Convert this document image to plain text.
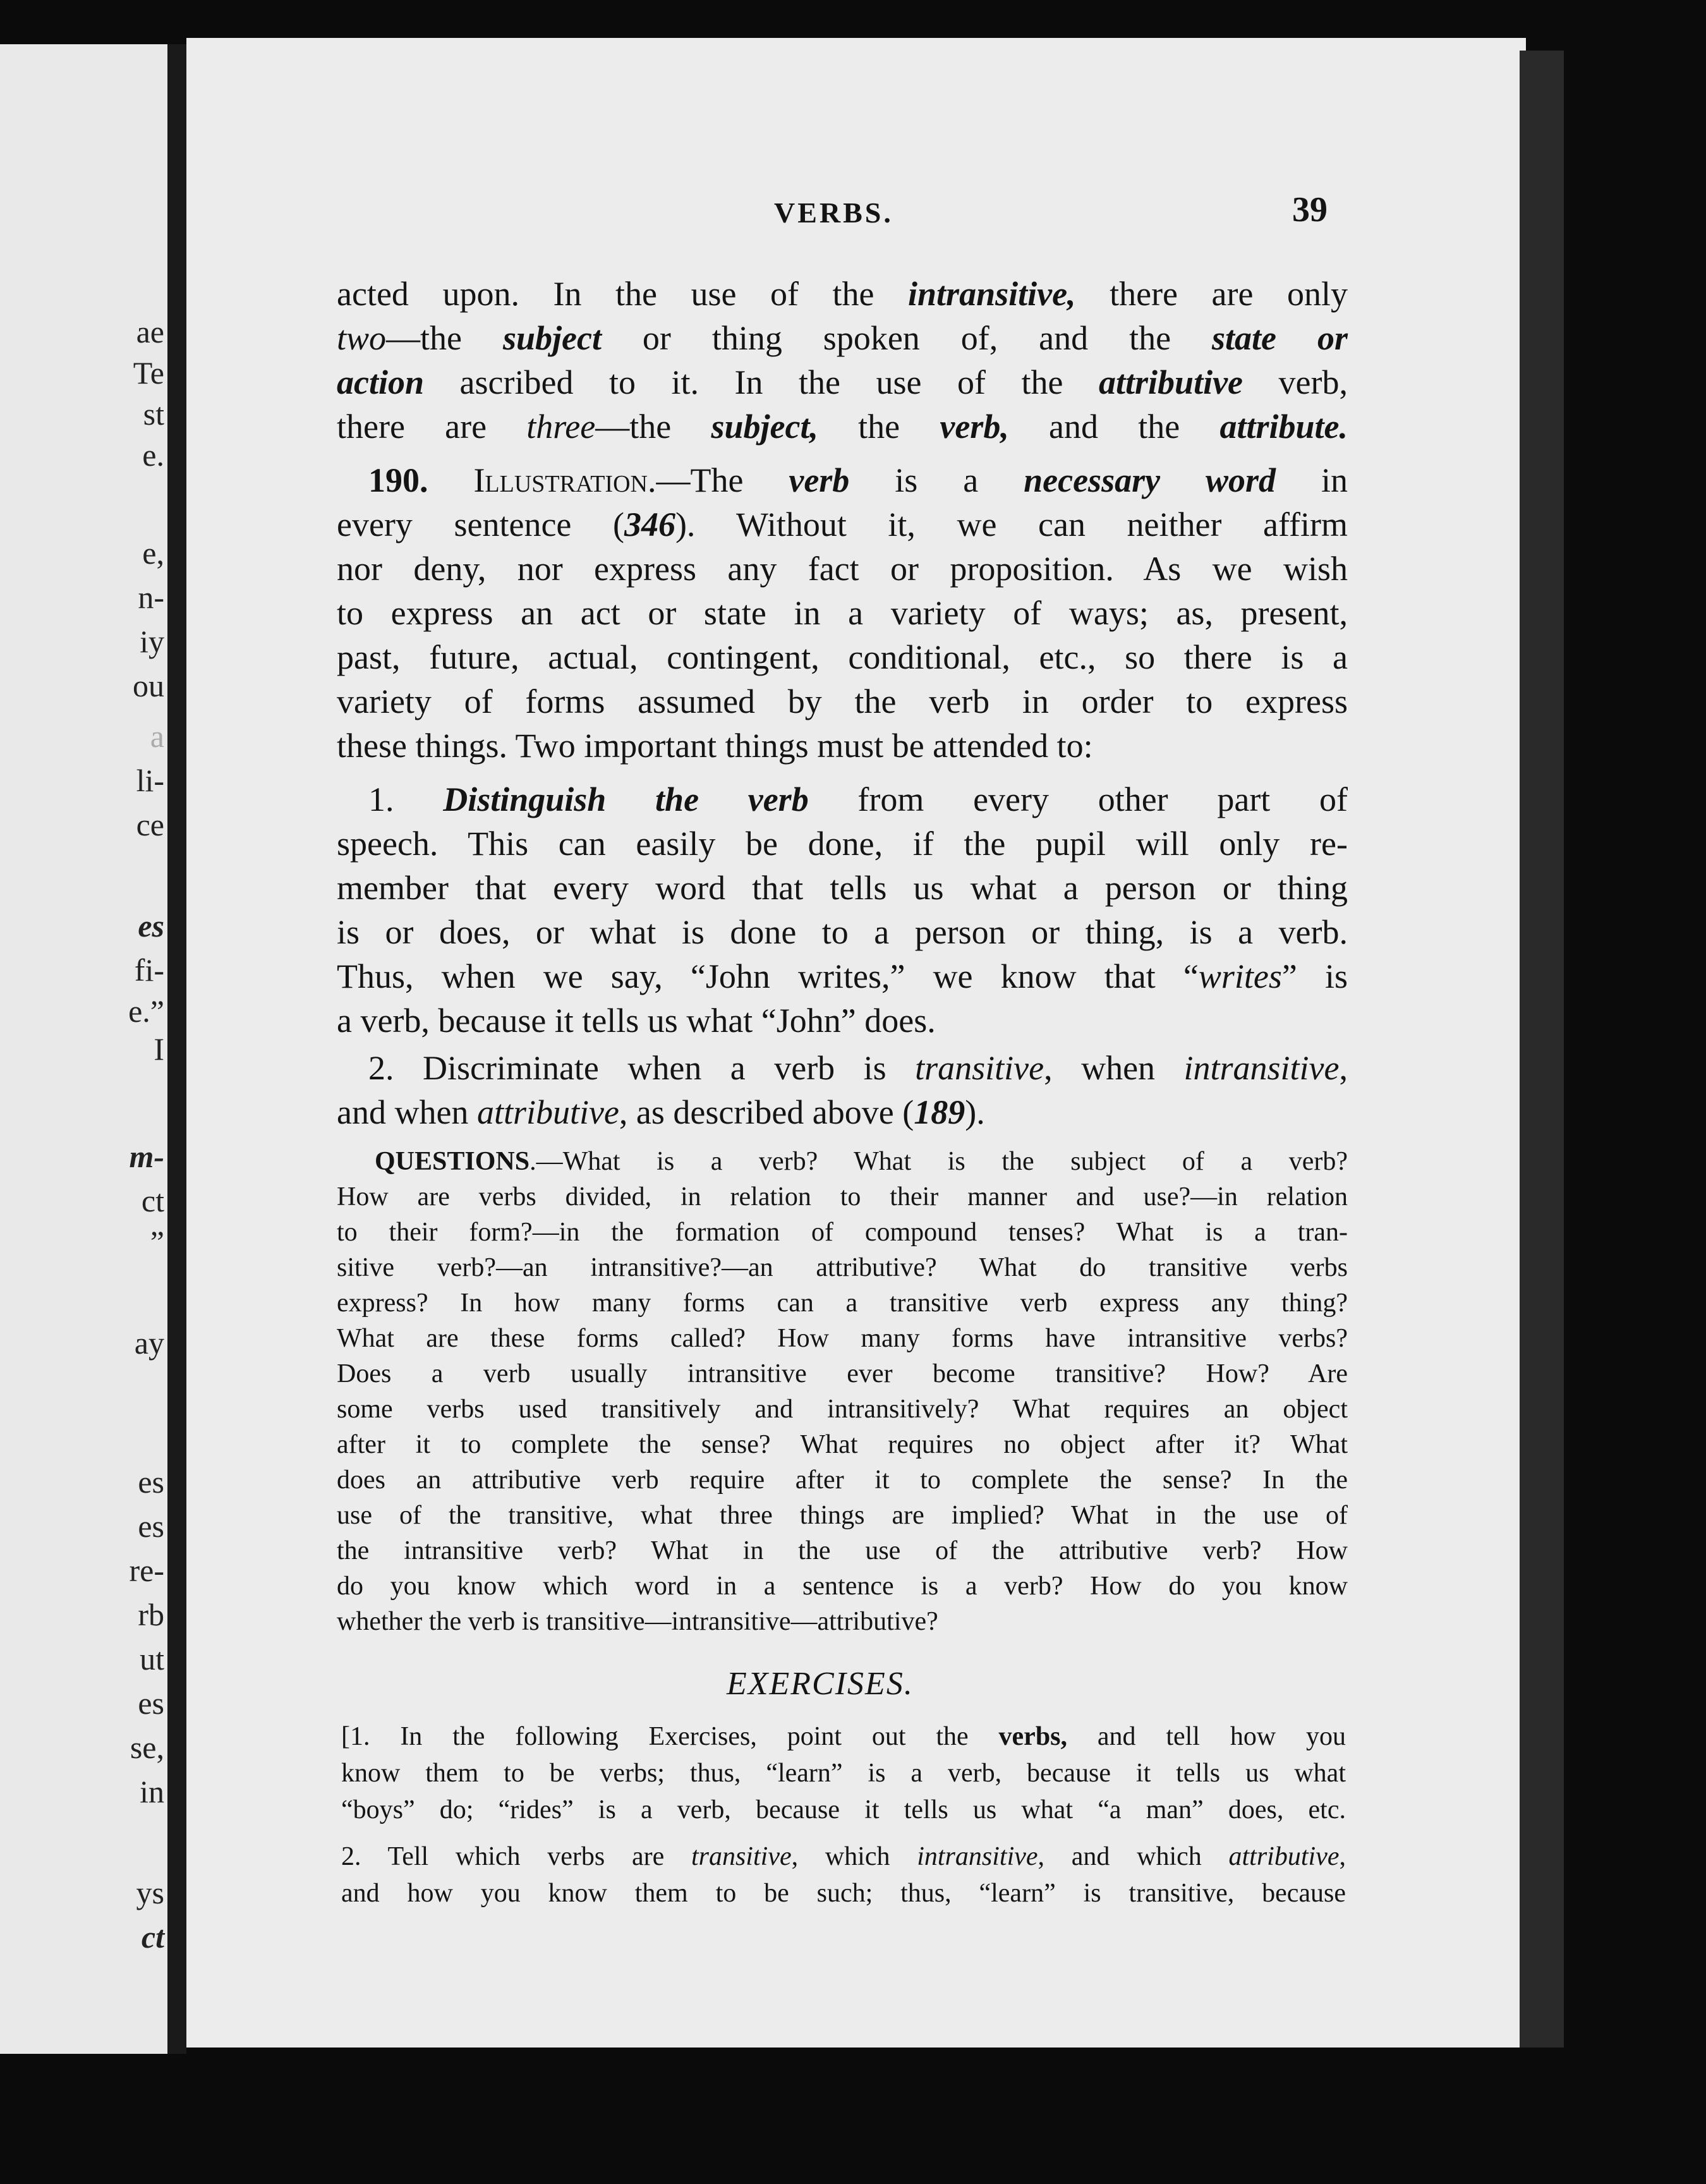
ae
Te
st
e.
e,
n-
iy
ou
a
li-
ce
es
fi-
e.”
I
m-
ct
”
ay
es
es
re-
rb
ut
es
se,
in
ys
ct
VERBS.	39
acted upon. In the use of the intransitive, there are only
two—the subject or thing spoken of, and the state or
action ascribed to it. In the use of the attributive verb,
there are three—the subject, the verb, and the attribute.
190. Illustration.—The verb is a necessary word in
every sentence (346). Without it, we can neither affirm
nor deny, nor express any fact or proposition. As we wish
to express an act or state in a variety of ways; as, present,
past, future, actual, contingent, conditional, etc., so there is a
variety of forms assumed by the verb in order to express
these things. Two important things must be attended to:
1. Distinguish the verb from every other part of
speech. This can easily be done, if the pupil will only re-
member that every word that tells us what a person or thing
is or does, or what is done to a person or thing, is a verb.
Thus, when we say, “John writes,” we know that “writes” is
a verb, because it tells us what “John” does.
2. Discriminate when a verb is transitive, when intransitive,
and when attributive, as described above (189).
QUESTIONS.—What is a verb? What is the subject of a verb?
How are verbs divided, in relation to their manner and use?—in relation
to their form?—in the formation of compound tenses? What is a tran-
sitive verb?—an intransitive?—an attributive? What do transitive verbs
express? In how many forms can a transitive verb express any thing?
What are these forms called? How many forms have intransitive verbs?
Does a verb usually intransitive ever become transitive? How? Are
some verbs used transitively and intransitively? What requires an object
after it to complete the sense? What requires no object after it? What
does an attributive verb require after it to complete the sense? In the
use of the transitive, what three things are implied? What in the use of
the intransitive verb? What in the use of the attributive verb? How
do you know which word in a sentence is a verb? How do you know
whether the verb is transitive—intransitive—attributive?
EXERCISES.
[1. In the following Exercises, point out the verbs, and tell how you
know them to be verbs; thus, “learn” is a verb, because it tells us what
“boys” do; “rides” is a verb, because it tells us what “a man” does, etc.
2. Tell which verbs are transitive, which intransitive, and which attributive,
and how you know them to be such; thus, “learn” is transitive, because
